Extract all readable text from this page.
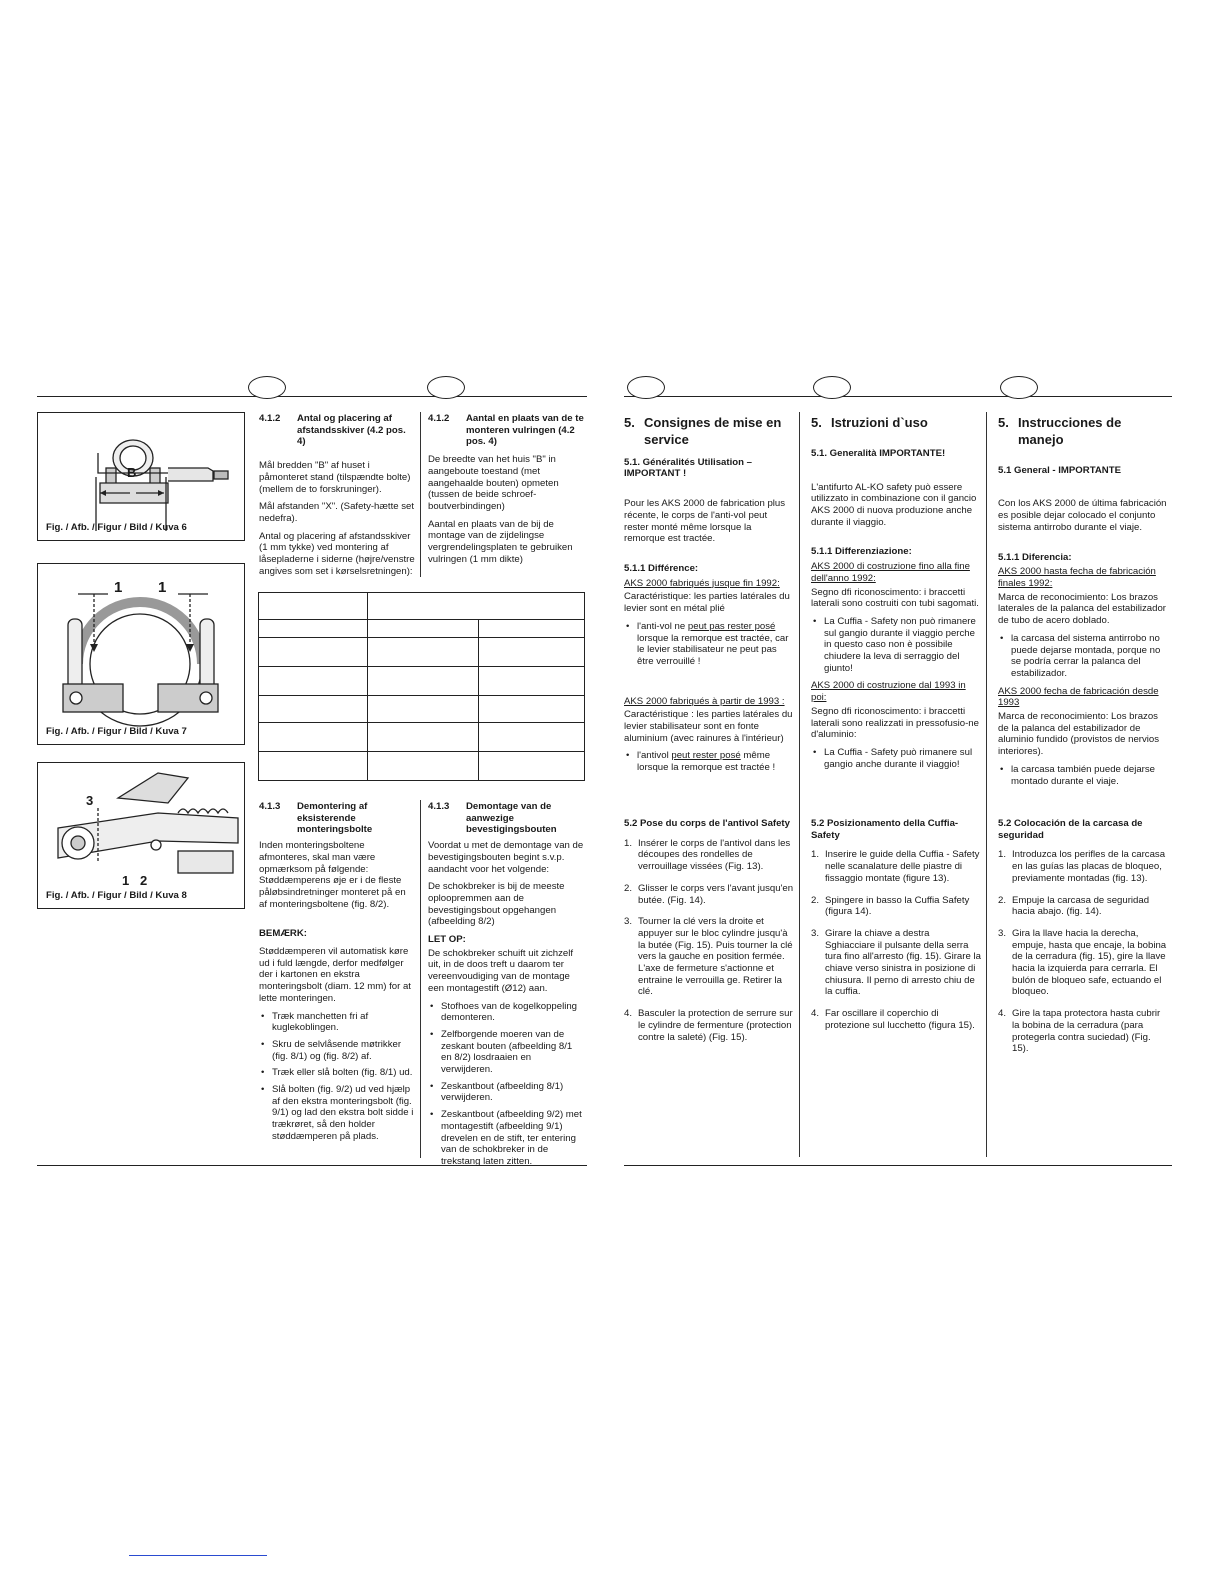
B
Fig. / Afb. / Figur / Bild / Kuva 6
1 1
Fig. / Afb. / Figur / Bild / Kuva 7
3
1 2
Fig. / Afb. / Figur / Bild / Kuva 8
4.1.2	Antal og placering af afstandsskiver (4.2 pos. 4)

Mål bredden "B" af huset i påmonteret stand (tilspændte bolte) (mellem de to forskruninger).

Mål afstanden "X". (Safety-hætte set nedefra).

Antal og placering af afstandsskiver (1 mm tykke) ved montering af låsepladerne i siderne (højre/venstre angives som set i kørselsretningen):

4.1.2	Aantal en plaats van de te monteren vulringen (4.2 pos. 4)

De breedte van het huis "B" in aangeboute toestand (met aangehaalde bouten) opmeten (tussen de beide schroef-boutverbindingen)

Aantal en plaats van de bij de montage van de zijdelingse vergrendelingsplaten te gebruiken vulringen (1 mm dikte)

4.1.3	Demontering af eksisterende monteringsbolte

Inden monteringsboltene afmonteres, skal man være opmærksom på følgende: Støddæmperens øje er i de fleste påløbsindretninger monteret på en af monteringsboltene (fig. 8/2).

BEMÆRK:

Støddæmperen vil automatisk køre ud i fuld længde, derfor medfølger der i kartonen en ekstra monteringsbolt (diam. 12 mm) for at lette monteringen.

• Træk manchetten fri af kuglekoblingen.
• Skru de selvlåsende møtrikker (fig. 8/1) og (fig. 8/2) af.
• Træk eller slå bolten (fig. 8/1) ud.
• Slå bolten (fig. 9/2) ud ved hjælp af den ekstra monteringsbolt (fig. 9/1) og lad den ekstra bolt sidde i trækrøret, så den holder støddæmperen på plads.
4.1.3	Demontage van de aanwezige bevestigingsbouten

Voordat u met de demontage van de bevestigingsbouten begint s.v.p. aandacht voor het volgende:

De schokbreker is bij de meeste oploopremmen aan de bevestigingsbout opgehangen (afbeelding 8/2)

LET OP:

De schokbreker schuift uit zichzelf uit, in de doos treft u daarom ter vereenvoudiging van de montage een montagestift (Ø12) aan.

• Stofhoes van de kogelkoppeling demonteren.
• Zelfborgende moeren van de zeskant bouten (afbeelding 8/1 en 8/2) losdraaien en verwijderen.
• Zeskantbout (afbeelding 8/1) verwijderen.
• Zeskantbout (afbeelding 9/2) met montagestift (afbeelding 9/1) drevelen en de stift, ter entering van de schokbreker in de trekstang laten zitten.
5. Consignes de mise en service
5.1. Généralités Utilisation – IMPORTANT !

Pour les AKS 2000 de fabrication plus récente, le corps de l'anti-vol peut rester monté même lorsque la remorque est tractée.

5.1.1 Différence:

AKS 2000 fabriqués jusque fin 1992:

Caractéristique: les parties latérales du levier sont en métal plié

• l'anti-vol ne peut pas rester posé lorsque la remorque est tractée, car le levier stabilisateur ne peut pas être verrouillé !

AKS 2000 fabriqués à partir de 1993 :

Caractéristique : les parties latérales du levier stabilisateur sont en fonte aluminium (avec rainures à l'intérieur)

• l'antivol peut rester posé même lorsque la remorque est tractée !
5.2 Pose du corps de l'antivol Safety
1. Insérer le corps de l'antivol dans les découpes des rondelles de verrouillage vissées (Fig. 13).
2. Glisser le corps vers l'avant jusqu'en butée. (Fig. 14).
3. Tourner la clé vers la droite et appuyer sur le bloc cylindre jusqu'à la butée (Fig. 15). Puis tourner la clé vers la gauche en position fermée. L'axe de fermeture s'actionne et entraine le verrouilla ge. Retirer la clé.
4. Basculer la protection de serrure sur le cylindre de fermenture (protection contre la saleté) (Fig. 15).
5. Istruzioni d`uso
5.1. Generalità IMPORTANTE!

L'antifurto AL-KO safety può essere utilizzato in combinazione con il gancio AKS 2000 di nuova produzione anche durante il viaggio.

5.1.1 Differenziazione:

AKS 2000 di costruzione fino alla fine dell'anno 1992:

Segno dfi riconoscimento: i braccetti laterali sono costruiti con tubi sagomati.

• La Cuffia - Safety non può rimanere sul gangio durante il viaggio perche in questo caso non è possibile chiudere la leva di serraggio del giunto!

AKS 2000 di costruzione dal 1993 in poi:

Segno dfi riconoscimento: i braccetti laterali sono realizzati in pressofusio-ne d'aluminio:

• La Cuffia - Safety può rimanere sul gangio anche durante il viaggio!
5.2 Posizionamento della Cuffia-Safety
1. Inserire le guide della Cuffia - Safety nelle scanalature delle piastre di fissaggio montate (figure 13).
2. Spingere in basso la Cuffia Safety (figura 14).
3. Girare la chiave a destra Sghiacciare il pulsante della serra tura fino all'arresto (fig. 15). Girare la chiave verso sinistra in posizione di chiusura. Il perno di arresto chiu de la cuffia.
4. Far oscillare il coperchio di protezione sul lucchetto (figura 15).
5. Instrucciones de manejo
5.1 General - IMPORTANTE

Con los AKS 2000 de última fabricación es posible dejar colocado el conjunto sistema antirrobo durante el viaje.

5.1.1 Diferencia:

AKS 2000 hasta fecha de fabricación finales 1992:

Marca de reconocimiento: Los brazos laterales de la palanca del estabilizador de tubo de acero doblado.

• la carcasa del sistema antirrobo no puede dejarse montada, porque no se podría cerrar la palanca del estabilizador.

AKS 2000 fecha de fabricación desde 1993

Marca de reconocimiento: Los brazos de la palanca del estabilizador de aluminio fundido (provistos de nervios interiores).

• la carcasa también puede dejarse montado durante el viaje.
5.2 Colocación de la carcasa de seguridad
1. Introduzca los perifles de la carcasa en las guías las placas de bloqueo, previamente montadas (fig. 13).
2. Empuje la carcasa de seguridad hacia abajo. (fig. 14).
3. Gira la llave hacia la derecha, empuje, hasta que encaje, la bobina de la cerradura (fig. 15), gire la llave hacia la izquierda para cerrarla. El bulón de bloqueo safe, ectuando el bloqueo.
4. Gire la tapa protectora hasta cubrir la bobina de la cerradura (para protegerla contra suciedad) (Fig. 15).
